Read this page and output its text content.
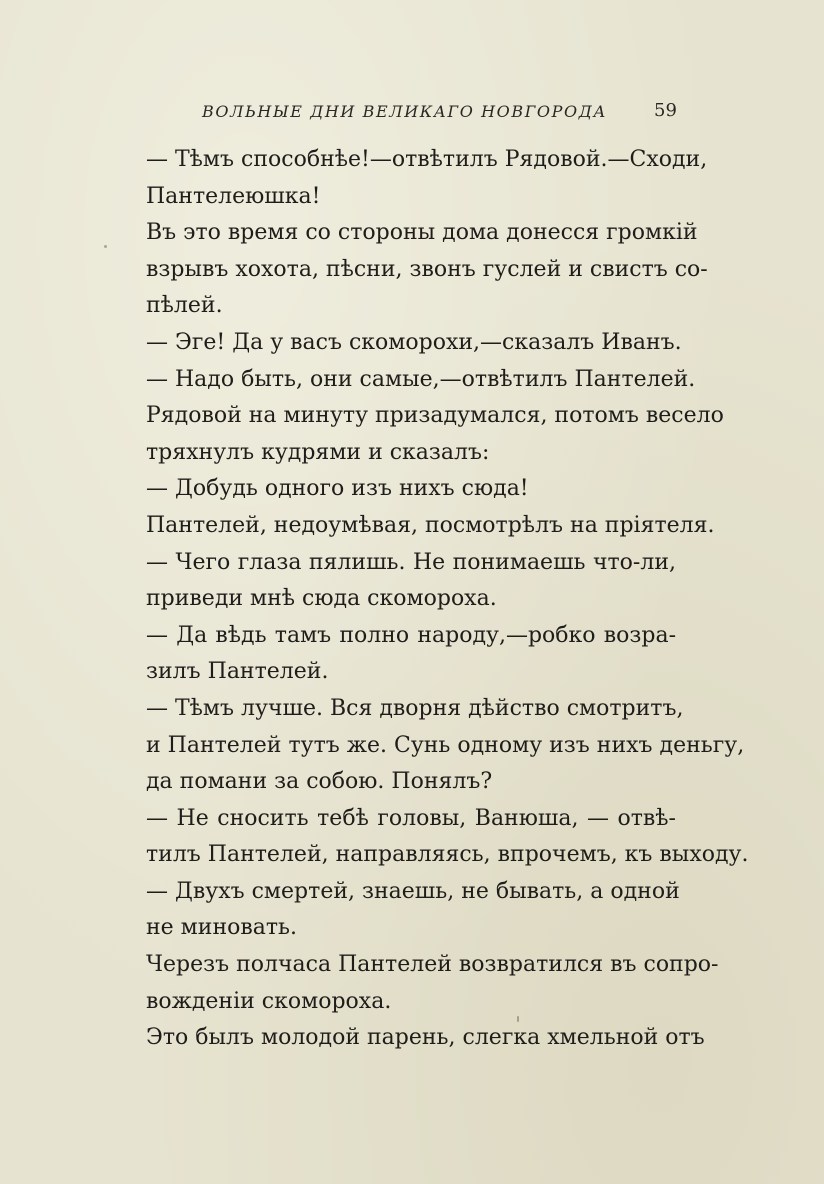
ВОЛЬНЫЕ ДНИ ВЕЛИКАГО НОВГОРОДА	59
— Тѣмъ способнѣе!—отвѣтилъ Рядовой.—Сходи,
Пантелеюшка!
Въ это время со стороны дома донесся громкій
взрывъ хохота, пѣсни, звонъ гуслей и свистъ со-
пѣлей.
— Эге! Да у васъ скоморохи,—сказалъ Иванъ.
— Надо быть, они самые,—отвѣтилъ Пантелей.
Рядовой на минуту призадумался, потомъ весело
тряхнулъ кудрями и сказалъ:
— Добудь одного изъ нихъ сюда!
Пантелей, недоумѣвая, посмотрѣлъ на пріятеля.
— Чего глаза пялишь. Не понимаешь что-ли,
приведи мнѣ сюда скомороха.
— Да вѣдь тамъ полно народу,—робко возра-
зилъ Пантелей.
— Тѣмъ лучше. Вся дворня дѣйство смотритъ,
и Пантелей тутъ же. Сунь одному изъ нихъ деньгу,
да помани за собою. Понялъ?
— Не сносить тебѣ головы, Ванюша, — отвѣ-
тилъ Пантелей, направляясь, впрочемъ, къ выходу.
— Двухъ смертей, знаешь, не бывать, а одной
не миновать.
Черезъ полчаса Пантелей возвратился въ сопро-
вожденіи скомороха.
Это былъ молодой парень, слегка хмельной отъ
